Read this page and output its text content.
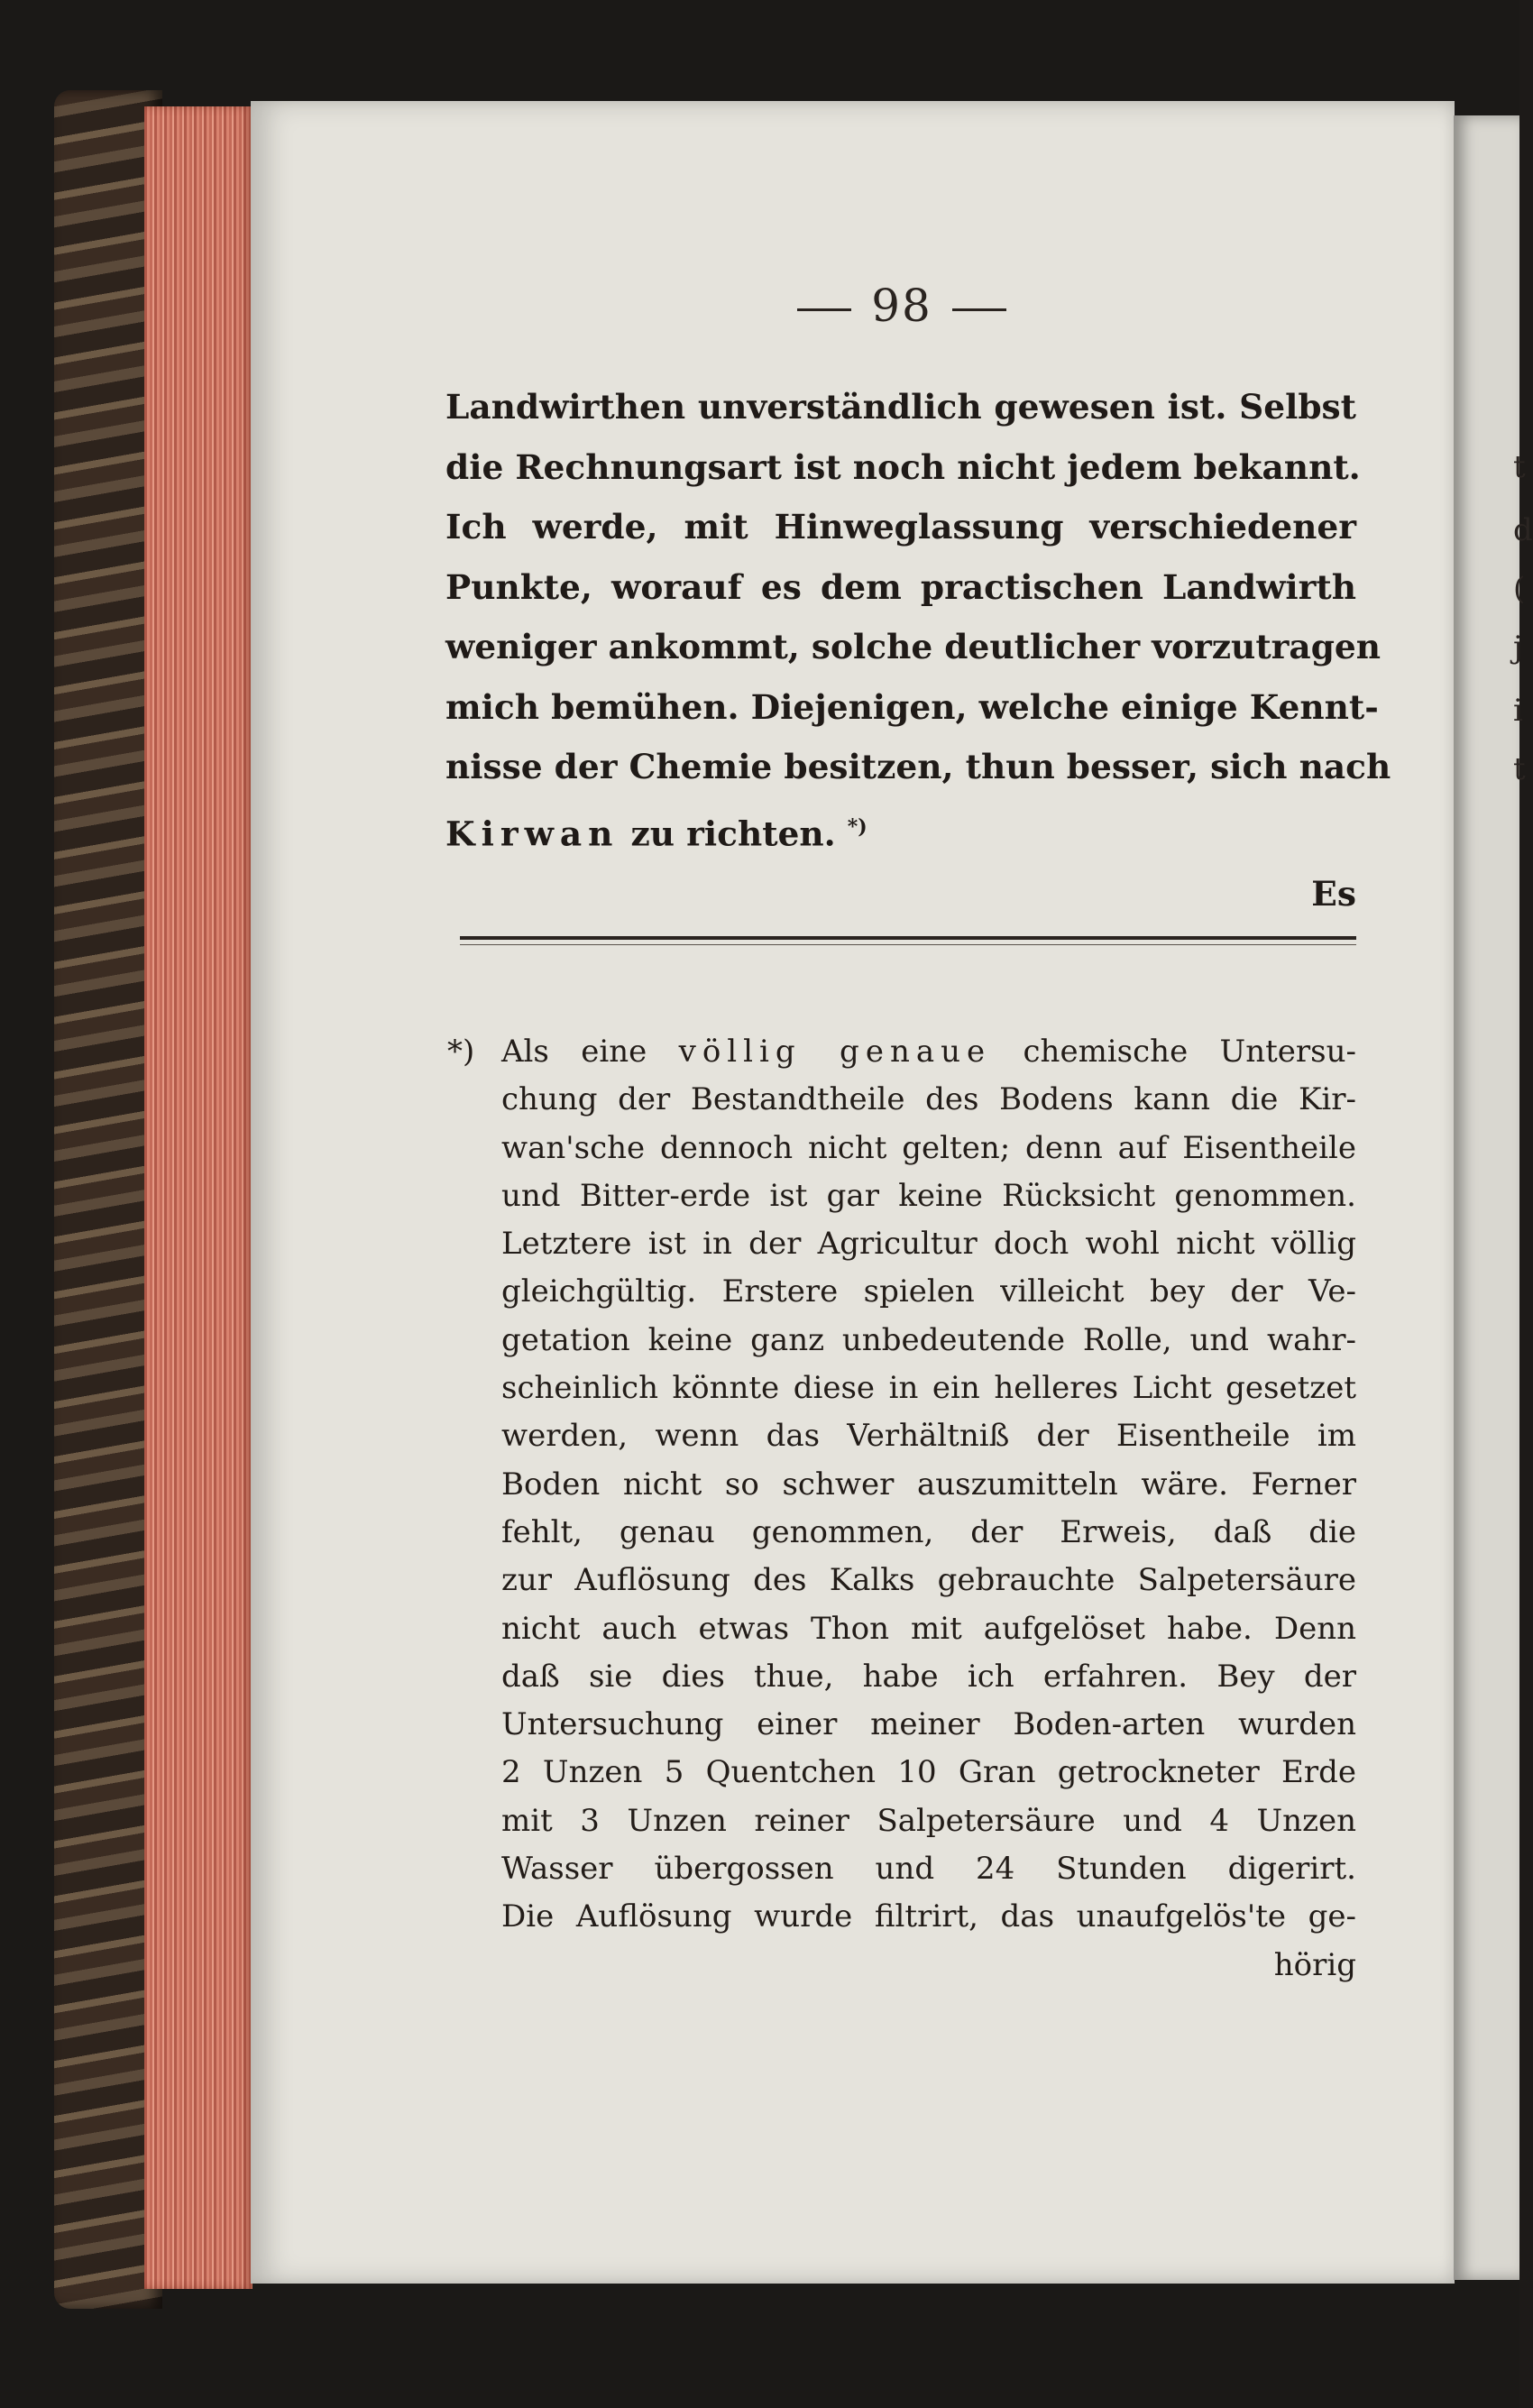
t
d
(
j
i
t
98
Landwirthen unverständlich gewesen ist. Selbst
die Rechnungsart ist noch nicht jedem bekannt.
Ich werde, mit Hinweglassung verschiedener
Punkte, worauf es dem practischen Landwirth
weniger ankommt, solche deutlicher vorzutragen
mich bemühen. Diejenigen, welche einige Kennt-
nisse der Chemie besitzen, thun besser, sich nach
Kirwan zu richten. *)
Es
*) Als eine völlig genaue chemische Untersu-
chung der Bestandtheile des Bodens kann die Kir-
wan'sche dennoch nicht gelten; denn auf Eisentheile
und Bitter-erde ist gar keine Rücksicht genommen.
Letztere ist in der Agricultur doch wohl nicht völlig
gleichgültig. Erstere spielen villeicht bey der Ve-
getation keine ganz unbedeutende Rolle, und wahr-
scheinlich könnte diese in ein helleres Licht gesetzet
werden, wenn das Verhältniß der Eisentheile im
Boden nicht so schwer auszumitteln wäre. Ferner
fehlt, genau genommen, der Erweis, daß die
zur Auflösung des Kalks gebrauchte Salpetersäure
nicht auch etwas Thon mit aufgelöset habe. Denn
daß sie dies thue, habe ich erfahren. Bey der
Untersuchung einer meiner Boden-arten wurden
2 Unzen 5 Quentchen 10 Gran getrockneter Erde
mit 3 Unzen reiner Salpetersäure und 4 Unzen
Wasser übergossen und 24 Stunden digerirt.
Die Auflösung wurde filtrirt, das unaufgelös'te ge-
hörig
